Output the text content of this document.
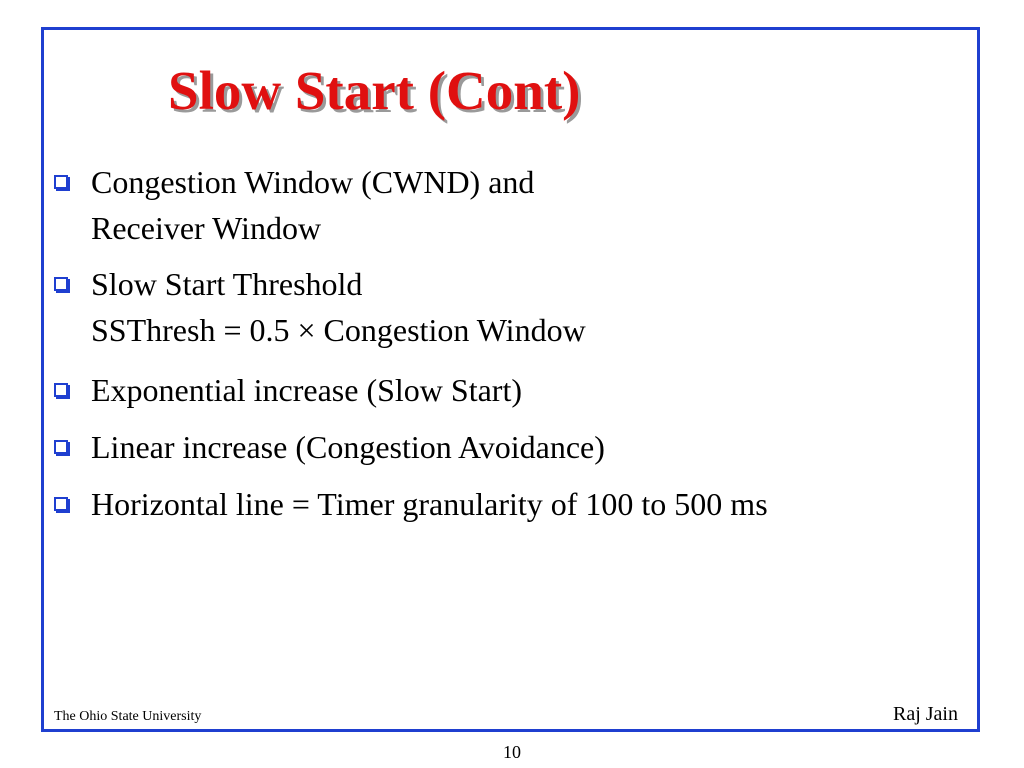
Slow Start (Cont)
Congestion Window (CWND) and
Receiver Window
Slow Start Threshold
SSThresh = 0.5 × Congestion Window
Exponential increase (Slow Start)
Linear increase (Congestion Avoidance)
Horizontal line = Timer granularity of 100 to 500 ms
The Ohio State University	Raj Jain
10
